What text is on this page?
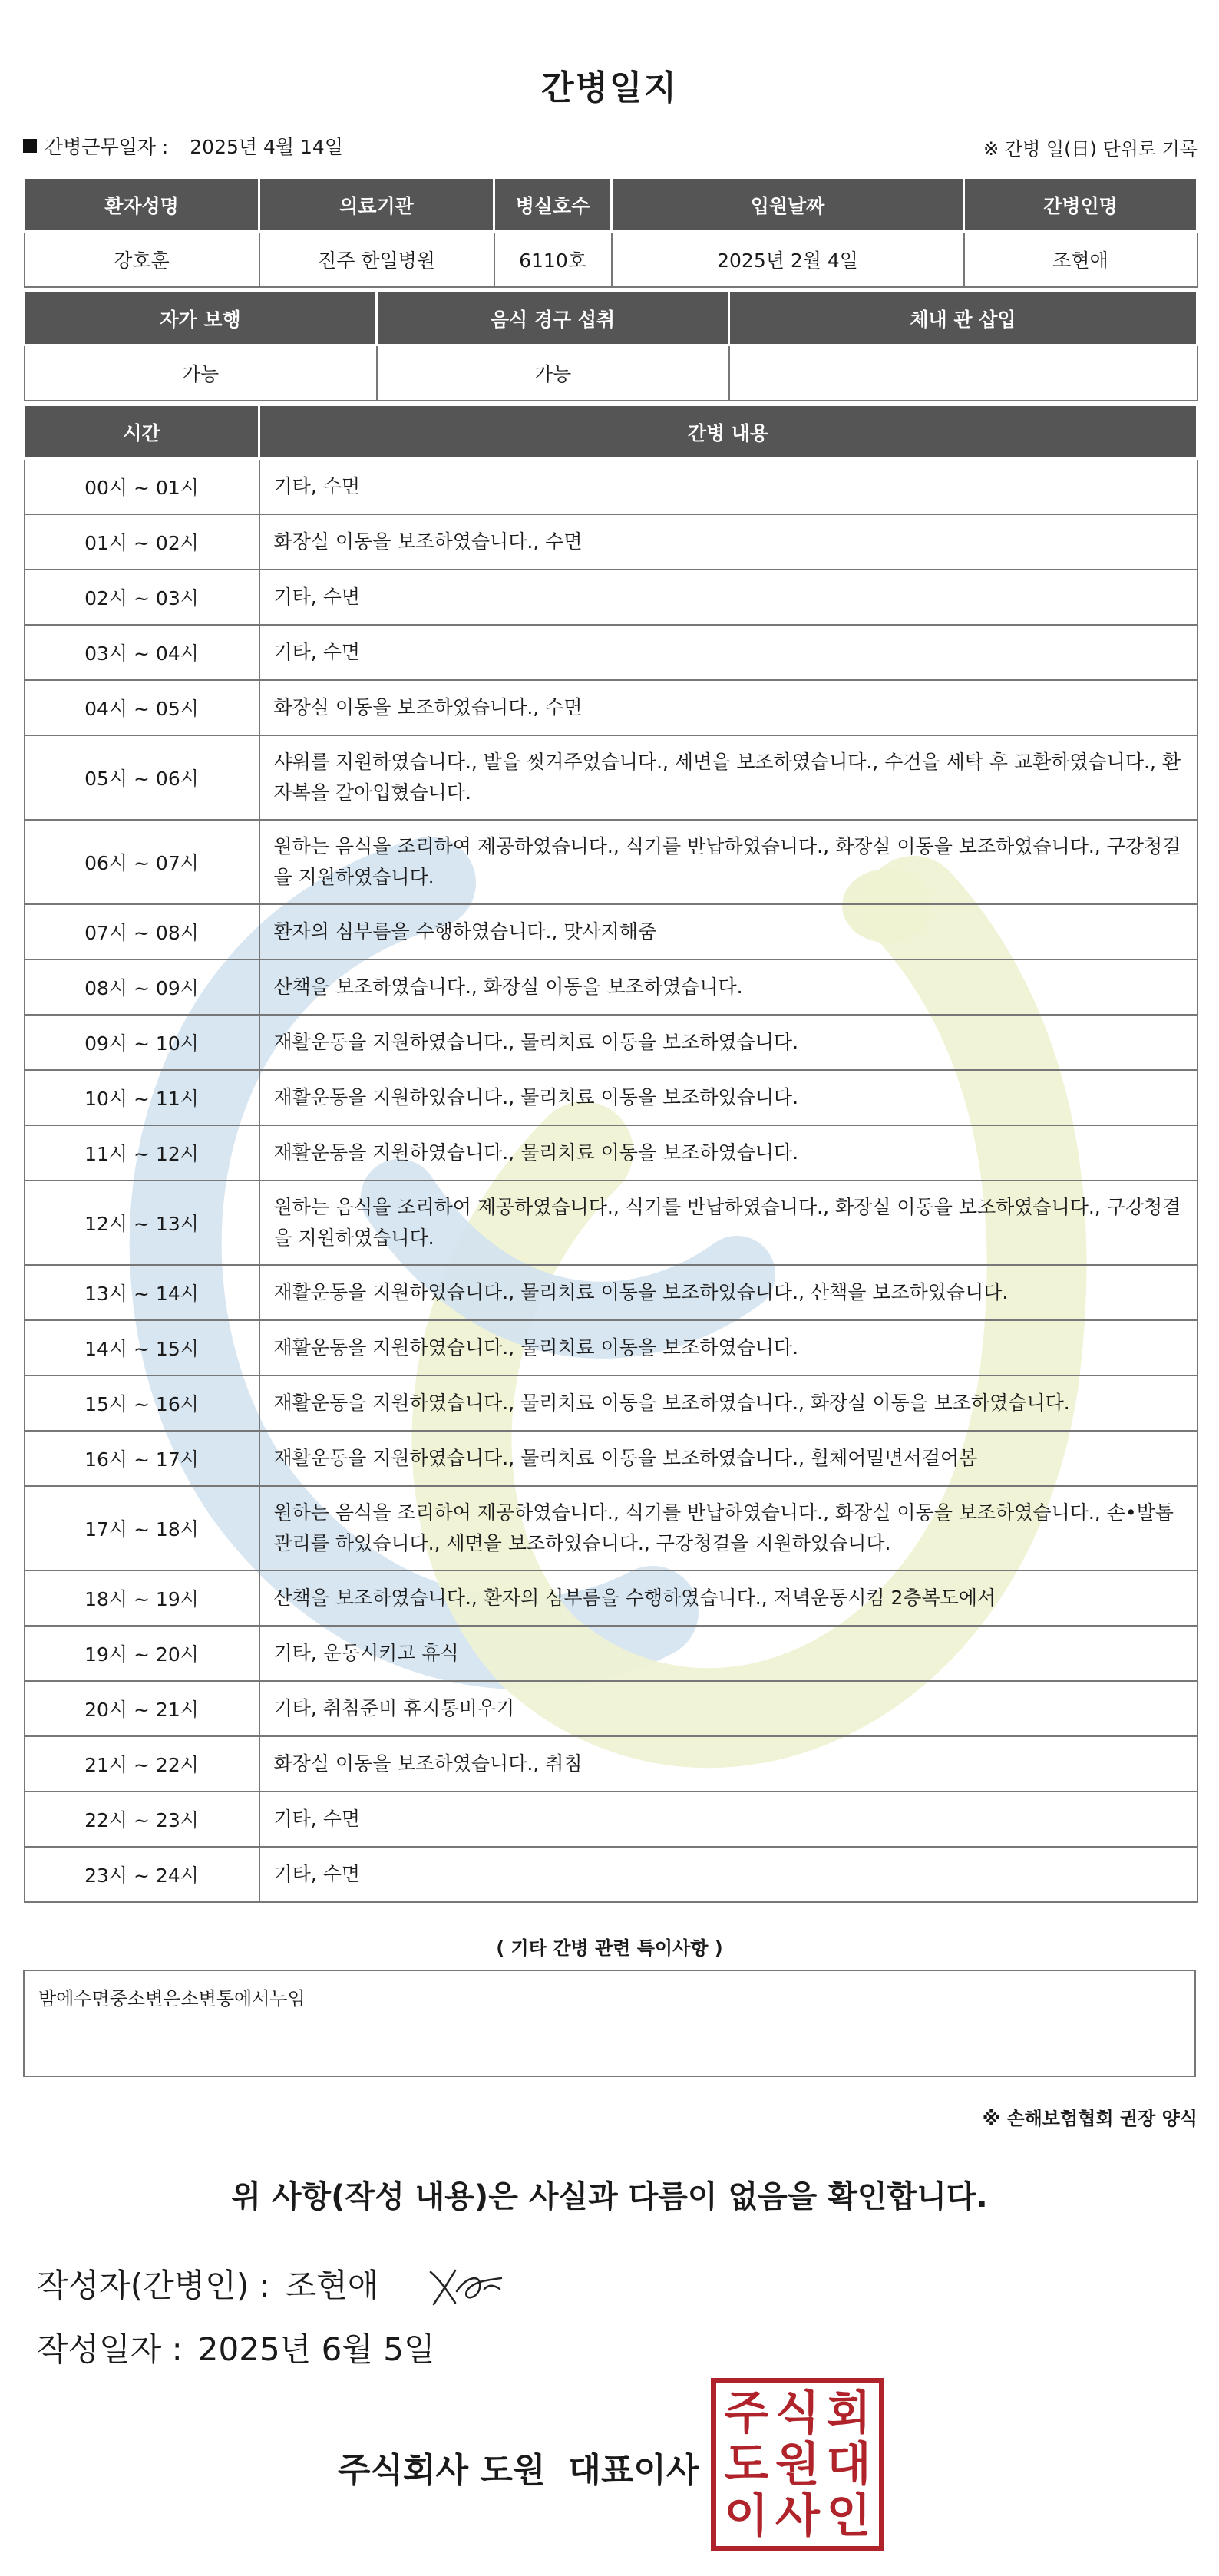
간병일지
간병근무일자 : 2025년 4월 14일	※ 간병 일(日) 단위로 기록
환자성명	의료기관	병실호수	입원날짜	간병인명
강호훈	진주 한일병원	6110호	2025년 2월 4일	조현애
자가 보행	음식 경구 섭취	체내 관 삽입
가능	가능	
시간	간병 내용
00시 ~ 01시	기타, 수면
01시 ~ 02시	화장실 이동을 보조하였습니다., 수면
02시 ~ 03시	기타, 수면
03시 ~ 04시	기타, 수면
04시 ~ 05시	화장실 이동을 보조하였습니다., 수면
05시 ~ 06시	샤워를 지원하였습니다., 발을 씻겨주었습니다., 세면을 보조하였습니다., 수건을 세탁 후 교환하였습니다., 환자복을 갈아입혔습니다.
06시 ~ 07시	원하는 음식을 조리하여 제공하였습니다., 식기를 반납하였습니다., 화장실 이동을 보조하였습니다., 구강청결을 지원하였습니다.
07시 ~ 08시	환자의 심부름을 수행하였습니다., 맛사지해줌
08시 ~ 09시	산책을 보조하였습니다., 화장실 이동을 보조하였습니다.
09시 ~ 10시	재활운동을 지원하였습니다., 물리치료 이동을 보조하였습니다.
10시 ~ 11시	재활운동을 지원하였습니다., 물리치료 이동을 보조하였습니다.
11시 ~ 12시	재활운동을 지원하였습니다., 물리치료 이동을 보조하였습니다.
12시 ~ 13시	원하는 음식을 조리하여 제공하였습니다., 식기를 반납하였습니다., 화장실 이동을 보조하였습니다., 구강청결을 지원하였습니다.
13시 ~ 14시	재활운동을 지원하였습니다., 물리치료 이동을 보조하였습니다., 산책을 보조하였습니다.
14시 ~ 15시	재활운동을 지원하였습니다., 물리치료 이동을 보조하였습니다.
15시 ~ 16시	재활운동을 지원하였습니다., 물리치료 이동을 보조하였습니다., 화장실 이동을 보조하였습니다.
16시 ~ 17시	재활운동을 지원하였습니다., 물리치료 이동을 보조하였습니다., 휠체어밀면서걸어봄
17시 ~ 18시	원하는 음식을 조리하여 제공하였습니다., 식기를 반납하였습니다., 화장실 이동을 보조하였습니다., 손•발톱 관리를 하였습니다., 세면을 보조하였습니다., 구강청결을 지원하였습니다.
18시 ~ 19시	산책을 보조하였습니다., 환자의 심부름을 수행하였습니다., 저녁운동시킴 2층복도에서
19시 ~ 20시	기타, 운동시키고 휴식
20시 ~ 21시	기타, 취침준비 휴지통비우기
21시 ~ 22시	화장실 이동을 보조하였습니다., 취침
22시 ~ 23시	기타, 수면
23시 ~ 24시	기타, 수면
( 기타 간병 관련 특이사항 )
밤에수면중소변은소변통에서누임
※ 손해보험협회 권장 양식
위 사항(작성 내용)은 사실과 다름이 없음을 확인합니다.
작성자(간병인) : 조현애
작성일자 : 2025년 6월 5일
주식회사 도원 대표이사
주 식 회
도 원 대
이 사 인
